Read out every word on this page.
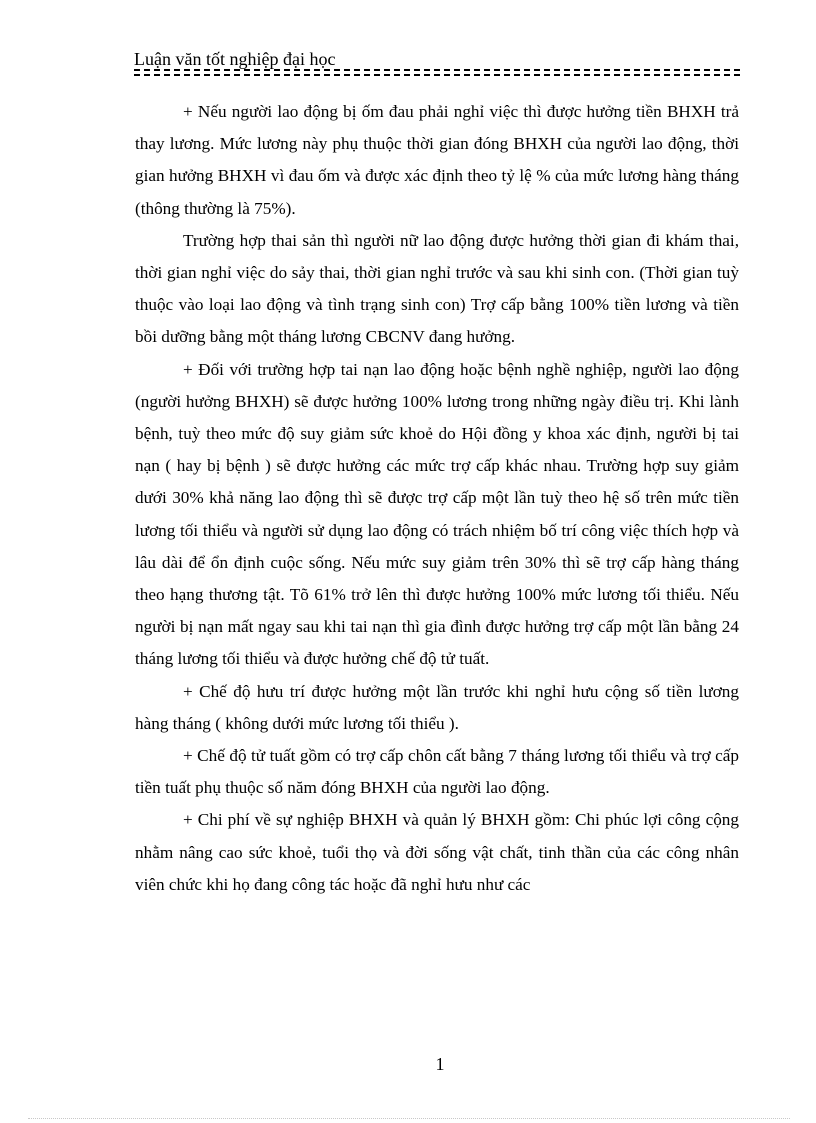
Luận văn tốt nghiệp đại học

+ Nếu người lao động bị ốm đau phải nghỉ việc thì được hưởng tiền BHXH trả thay lương. Mức lương này phụ thuộc thời gian đóng BHXH của người lao động, thời gian hưởng BHXH vì đau ốm và được xác định theo tỷ lệ % của mức lương hàng tháng (thông thường là 75%).

Trường hợp thai sản thì người nữ lao động được hưởng thời gian đi khám thai, thời gian nghỉ việc do sảy thai, thời gian nghỉ trước và sau khi sinh con. (Thời gian tuỳ thuộc vào loại lao động và tình trạng sinh con) Trợ cấp bằng 100% tiền lương và tiền bồi dưỡng bằng một tháng lương CBCNV đang hưởng.

+ Đối với trường hợp tai nạn lao động hoặc bệnh nghề nghiệp, người lao động (người hưởng BHXH) sẽ được hưởng 100% lương trong những ngày điều trị. Khi lành bệnh, tuỳ theo mức độ suy giảm sức khoẻ do Hội đồng y khoa xác định, người bị tai nạn ( hay bị bệnh ) sẽ được hưởng các mức trợ cấp khác nhau. Trường hợp suy giảm dưới 30% khả năng lao động thì sẽ được trợ cấp một lần tuỳ theo hệ số trên mức tiền lương tối thiểu và người sử dụng lao động có trách nhiệm bố trí công việc thích hợp và lâu dài để ổn định cuộc sống. Nếu mức suy giảm trên 30% thì sẽ trợ cấp hàng tháng theo hạng thương tật. Tõ 61% trở lên thì được hưởng 100% mức lương tối thiểu. Nếu người bị nạn mất ngay sau khi tai nạn thì gia đình được hưởng trợ cấp một lần bằng 24 tháng lương tối thiểu và được hưởng chế độ tử tuất.

+ Chế độ hưu trí được hưởng một lần trước khi nghỉ hưu cộng số tiền lương hàng tháng ( không dưới mức lương tối thiểu ).

+ Chế độ tử tuất gồm có trợ cấp chôn cất bằng 7 tháng lương tối thiểu và trợ cấp tiền tuất phụ thuộc số năm đóng BHXH của người lao động.

+ Chi phí về sự nghiệp BHXH và quản lý BHXH gồm: Chi phúc lợi công cộng nhằm nâng cao sức khoẻ, tuổi thọ và đời sống vật chất, tinh thần của các công nhân viên chức khi họ đang công tác hoặc đã nghỉ hưu như các

1
